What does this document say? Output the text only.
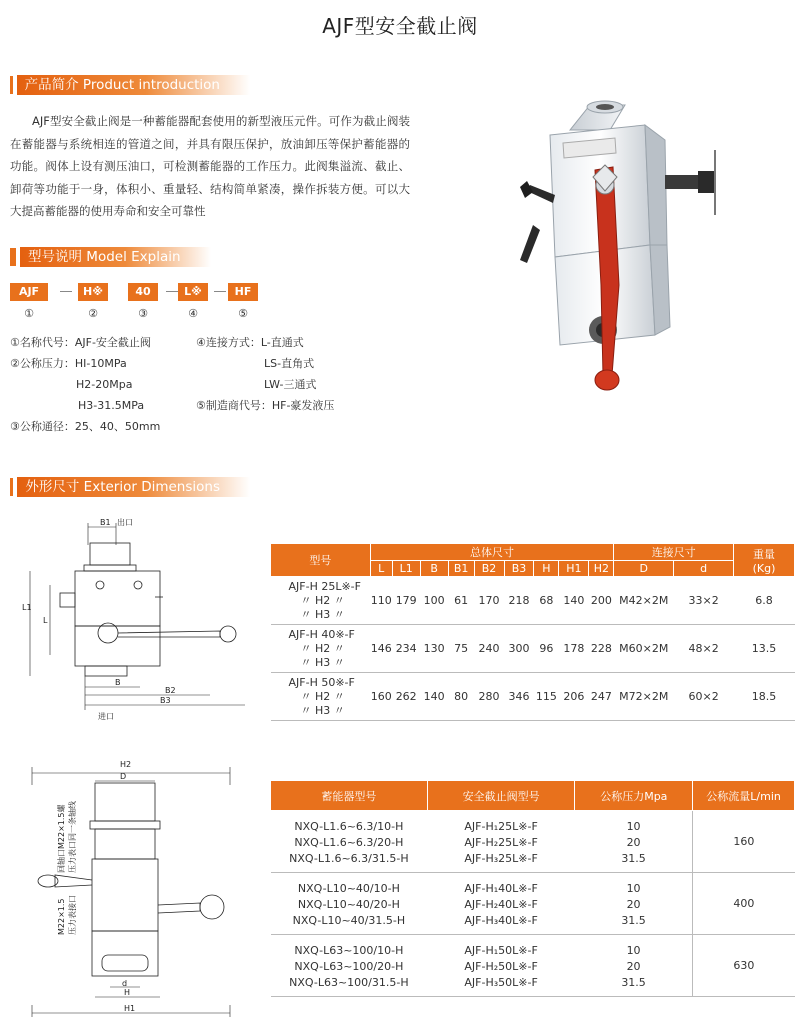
AJF型安全截止阀
产品简介 Product introduction
AJF型安全截止阀是一种蓄能器配套使用的新型液压元件。可作为截止阀装在蓄能器与系统相连的管道之间，并具有限压保护，放油卸压等保护蓄能器的功能。阀体上设有测压油口，可检测蓄能器的工作压力。此阀集溢流、截止、卸荷等功能于一身，体积小、重量轻、结构简单紧凑，操作拆装方便。可以大大提高蓄能器的使用寿命和安全可靠性
型号说明 Model Explain
AJF	H※	40	L※	HF
①	②	③	④	⑤
①名称代号：AJF-安全截止阀
②公称压力：HI-10MPa
H2-20Mpa
H3-31.5MPa
③公称通径：25、40、50mm
④连接方式：L-直通式
LS-直角式
LW-三通式
⑤制造商代号：HF-豪发液压
外形尺寸 Exterior Dimensions
B1 出口
L1
L
B
B2
B3
进口
型号	总体尺寸									连接尺寸		重量
(Kg)
	L	L1	B	B1	B2	B3	H	H1	H2	D	d	

AJF-H 25L※-F
〃 H2 〃
〃 H3 〃	110	179	100	61	170	218	68	140	200	M42×2M	33×2	6.8

AJF-H 40※-F
〃 H2 〃
〃 H3 〃	146	234	130	75	240	300	96	178	228	M60×2M	48×2	13.5

AJF-H 50※-F
〃 H2 〃
〃 H3 〃	160	262	140	80	280	346	115	206	247	M72×2M	60×2	18.5
H2
D
d
H
H1
回轴口M22×1.5螺 压力表口同一条轴线
M22×1.5 压力表接口
蓄能器型号	安全截止阀型号	公称压力Mpa	公称流量L/min
NXQ-L1.6~6.3/10-H	AJF-H₁25L※-F	10	160
NXQ-L1.6~6.3/20-H	AJF-H₂25L※-F	20	
NXQ-L1.6~6.3/31.5-H	AJF-H₃25L※-F	31.5	
NXQ-L10~40/10-H	AJF-H₁40L※-F	10	400
NXQ-L10~40/20-H	AJF-H₂40L※-F	20	
NXQ-L10~40/31.5-H	AJF-H₃40L※-F	31.5	
NXQ-L63~100/10-H	AJF-H₁50L※-F	10	630
NXQ-L63~100/20-H	AJF-H₂50L※-F	20	
NXQ-L63~100/31.5-H	AJF-H₃50L※-F	31.5	
